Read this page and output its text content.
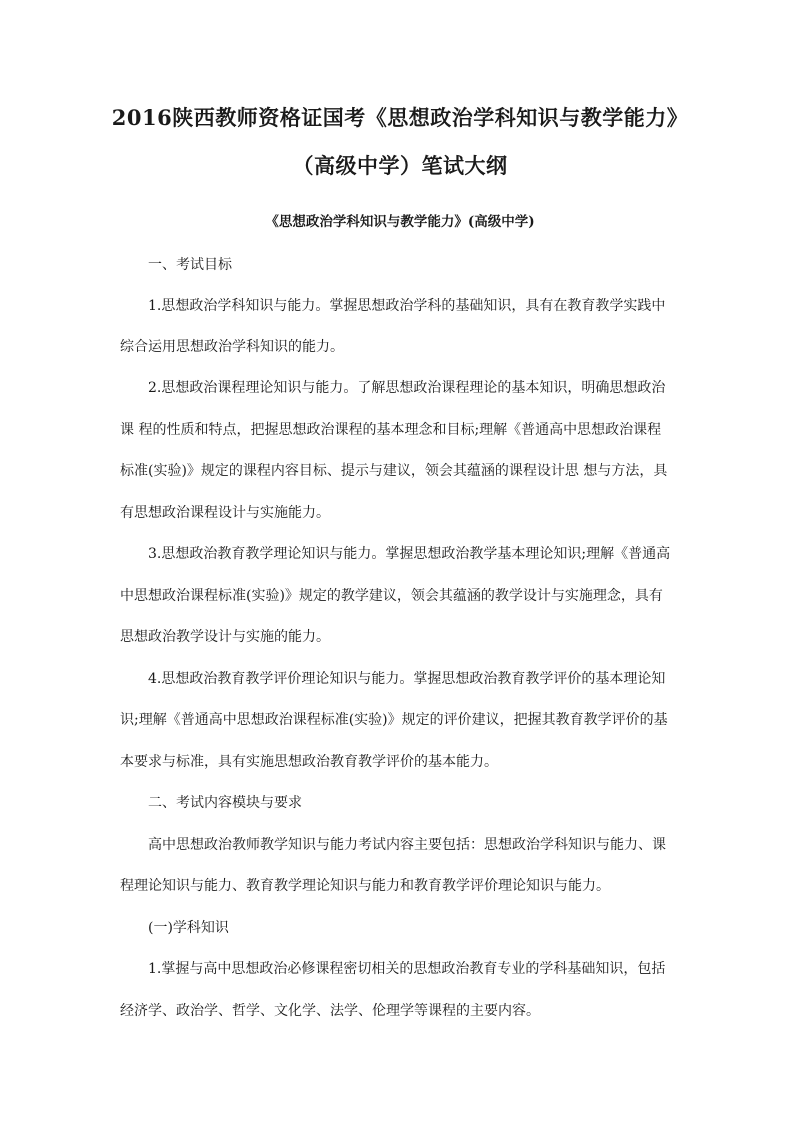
2016陕西教师资格证国考《思想政治学科知识与教学能力》
（高级中学）笔试大纲
《思想政治学科知识与教学能力》(高级中学)

一、考试目标

1.思想政治学科知识与能力。掌握思想政治学科的基础知识，具有在教育教学实践中

综合运用思想政治学科知识的能力。

2.思想政治课程理论知识与能力。了解思想政治课程理论的基本知识，明确思想政治

课 程的性质和特点，把握思想政治课程的基本理念和目标;理解《普通高中思想政治课程

标准(实验)》规定的课程内容目标、提示与建议，领会其蕴涵的课程设计思 想与方法，具

有思想政治课程设计与实施能力。

3.思想政治教育教学理论知识与能力。掌握思想政治教学基本理论知识;理解《普通高

中思想政治课程标准(实验)》规定的教学建议，领会其蕴涵的教学设计与实施理念，具有

思想政治教学设计与实施的能力。

4.思想政治教育教学评价理论知识与能力。掌握思想政治教育教学评价的基本理论知

识;理解《普通高中思想政治课程标准(实验)》规定的评价建议，把握其教育教学评价的基

本要求与标准，具有实施思想政治教育教学评价的基本能力。

二、考试内容模块与要求

高中思想政治教师教学知识与能力考试内容主要包括：思想政治学科知识与能力、课

程理论知识与能力、教育教学理论知识与能力和教育教学评价理论知识与能力。

(一)学科知识

1.掌握与高中思想政治必修课程密切相关的思想政治教育专业的学科基础知识，包括

经济学、政治学、哲学、文化学、法学、伦理学等课程的主要内容。
